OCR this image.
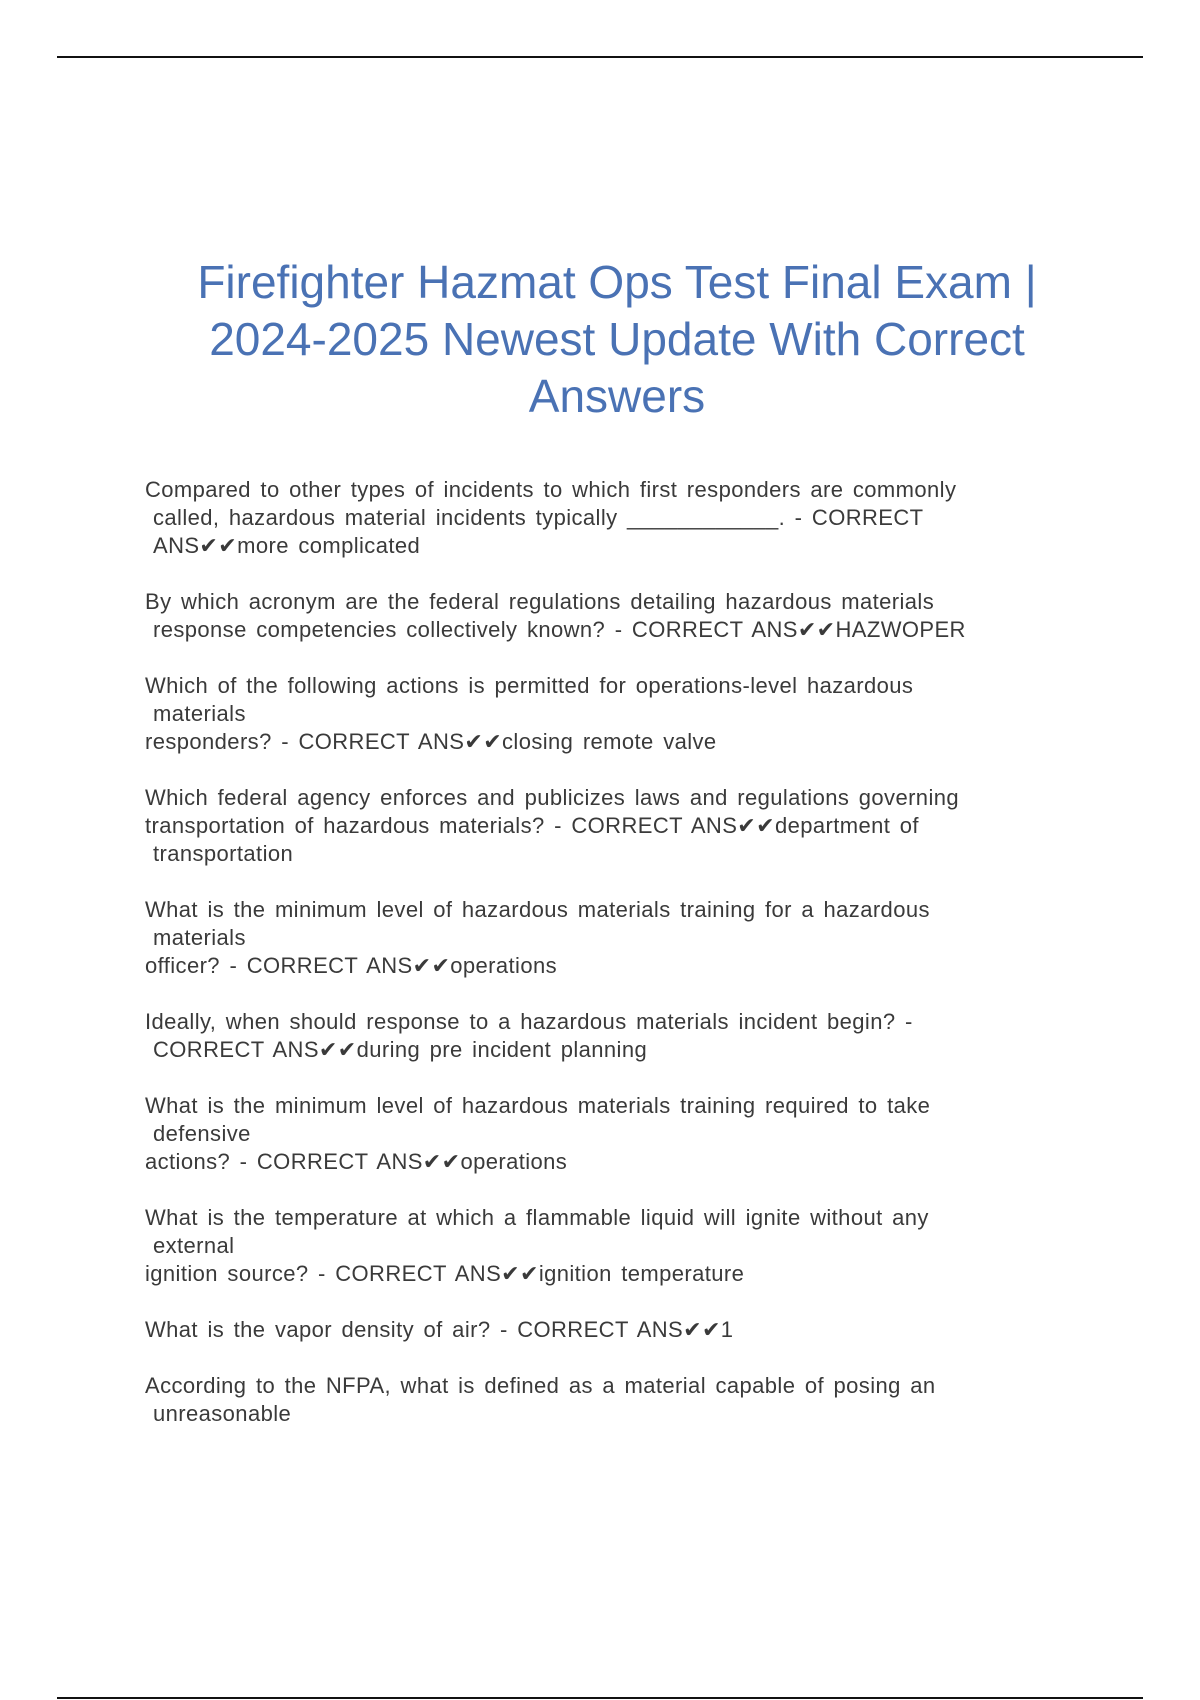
Firefighter Hazmat Ops Test Final Exam |
2024-2025 Newest Update With Correct
Answers

Compared to other types of incidents to which first responders are commonly
called, hazardous material incidents typically ____________. - CORRECT
ANS✔✔more complicated

By which acronym are the federal regulations detailing hazardous materials
response competencies collectively known? - CORRECT ANS✔✔HAZWOPER

Which of the following actions is permitted for operations-level hazardous
materials
responders? - CORRECT ANS✔✔closing remote valve

Which federal agency enforces and publicizes laws and regulations governing
transportation of hazardous materials? - CORRECT ANS✔✔department of
transportation

What is the minimum level of hazardous materials training for a hazardous
materials
officer? - CORRECT ANS✔✔operations

Ideally, when should response to a hazardous materials incident begin? -
CORRECT ANS✔✔during pre incident planning

What is the minimum level of hazardous materials training required to take
defensive
actions? - CORRECT ANS✔✔operations

What is the temperature at which a flammable liquid will ignite without any
external
ignition source? - CORRECT ANS✔✔ignition temperature

What is the vapor density of air? - CORRECT ANS✔✔1

According to the NFPA, what is defined as a material capable of posing an
unreasonable
